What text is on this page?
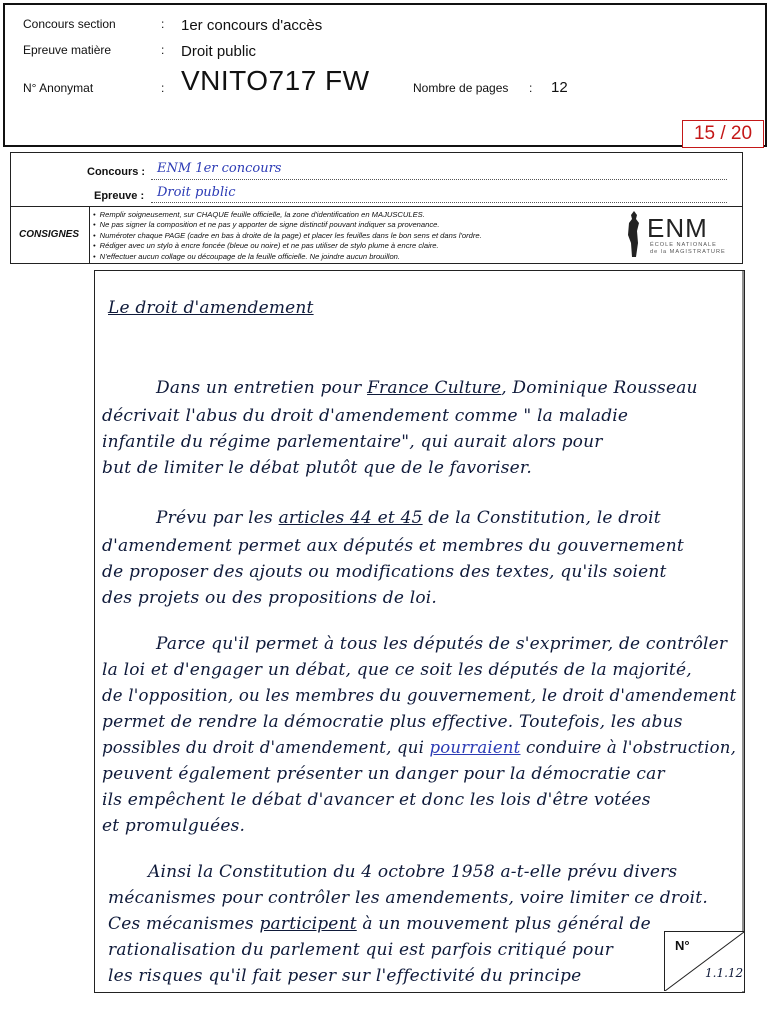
Concours section	: 1er concours d'accès
Epreuve matière	: Droit public
N° Anonymat	: VNITO717 FW	Nombre de pages : 12
15 / 20
Concours : ENM 1er concours
Epreuve : Droit public
CONSIGNES
• Remplir soigneusement, sur CHAQUE feuille officielle, la zone d'identification en MAJUSCULES.
• Ne pas signer la composition et ne pas y apporter de signe distinctif pouvant indiquer sa provenance.
• Numéroter chaque PAGE (cadre en bas à droite de la page) et placer les feuilles dans le bon sens et dans l'ordre.
• Rédiger avec un stylo à encre foncée (bleue ou noire) et ne pas utiliser de stylo plume à encre claire.
• N'effectuer aucun collage ou découpage de la feuille officielle. Ne joindre aucun brouillon.
ENM
ÉCOLE NATIONALE
de la MAGISTRATURE
Le droit d'amendement
Dans un entretien pour France Culture, Dominique Rousseau
décrivait l'abus du droit d'amendement comme " la maladie
infantile du régime parlementaire", qui aurait alors pour
but de limiter le débat plutôt que de le favoriser.
Prévu par les articles 44 et 45 de la Constitution, le droit
d'amendement permet aux députés et membres du gouvernement
de proposer des ajouts ou modifications des textes, qu'ils soient
des projets ou des propositions de loi.
Parce qu'il permet à tous les députés de s'exprimer, de contrôler
la loi et d'engager un débat, que ce soit les députés de la majorité,
de l'opposition, ou les membres du gouvernement, le droit d'amendement
permet de rendre la démocratie plus effective. Toutefois, les abus
possibles du droit d'amendement, qui pourraient conduire à l'obstruction,
peuvent également présenter un danger pour la démocratie car
ils empêchent le débat d'avancer et donc les lois d'être votées
et promulguées.
Ainsi la Constitution du 4 octobre 1958 a-t-elle prévu divers
mécanismes pour contrôler les amendements, voire limiter ce droit.
Ces mécanismes participent à un mouvement plus général de
rationalisation du parlement qui est parfois critiqué pour
les risques qu'il fait peser sur l'effectivité du principe
N°
1.1.12
